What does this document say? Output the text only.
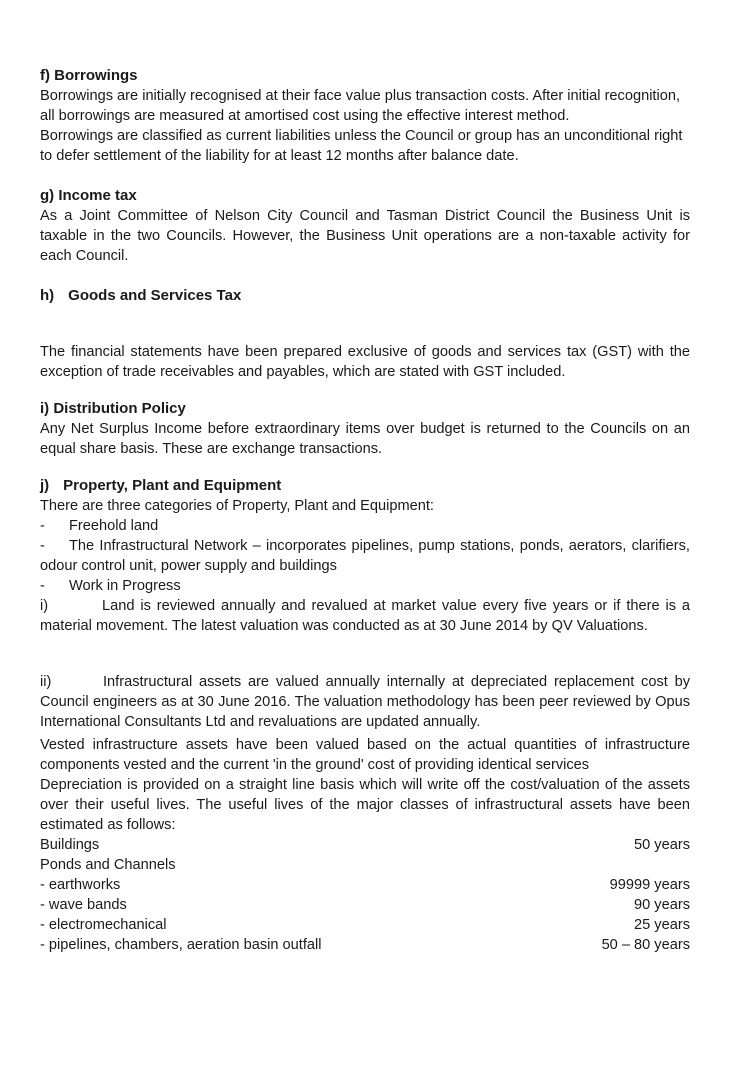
f) Borrowings

Borrowings are initially recognised at their face value plus transaction costs. After initial recognition, all borrowings are measured at amortised cost using the effective interest method.

Borrowings are classified as current liabilities unless the Council or group has an unconditional right to defer settlement of the liability for at least 12 months after balance date.

g) Income tax

As a Joint Committee of Nelson City Council and Tasman District Council the Business Unit is taxable in the two Councils. However, the Business Unit operations are a non-taxable activity for each Council.

h) Goods and Services Tax

The financial statements have been prepared exclusive of goods and services tax (GST) with the exception of trade receivables and payables, which are stated with GST included.

i) Distribution Policy

Any Net Surplus Income before extraordinary items over budget is returned to the Councils on an equal share basis. These are exchange transactions.

j) Property, Plant and Equipment

There are three categories of Property, Plant and Equipment:

-	Freehold land
- The Infrastructural Network – incorporates pipelines, pump stations, ponds, aerators, clarifiers, odour control unit, power supply and buildings
-	Work in Progress

i)	Land is reviewed annually and revalued at market value every five years or if there is a material movement. The latest valuation was conducted as at 30 June 2014 by QV Valuations.

ii)	Infrastructural assets are valued annually internally at depreciated replacement cost by Council engineers as at 30 June 2016. The valuation methodology has been peer reviewed by Opus International Consultants Ltd and revaluations are updated annually.

Vested infrastructure assets have been valued based on the actual quantities of infrastructure components vested and the current 'in the ground' cost of providing identical services

Depreciation is provided on a straight line basis which will write off the cost/valuation of the assets over their useful lives. The useful lives of the major classes of infrastructural assets have been estimated as follows:

Buildings	50 years
Ponds and Channels
- earthworks	99999 years
- wave bands	90 years
- electromechanical	25 years
- pipelines, chambers, aeration basin outfall	50 – 80 years
